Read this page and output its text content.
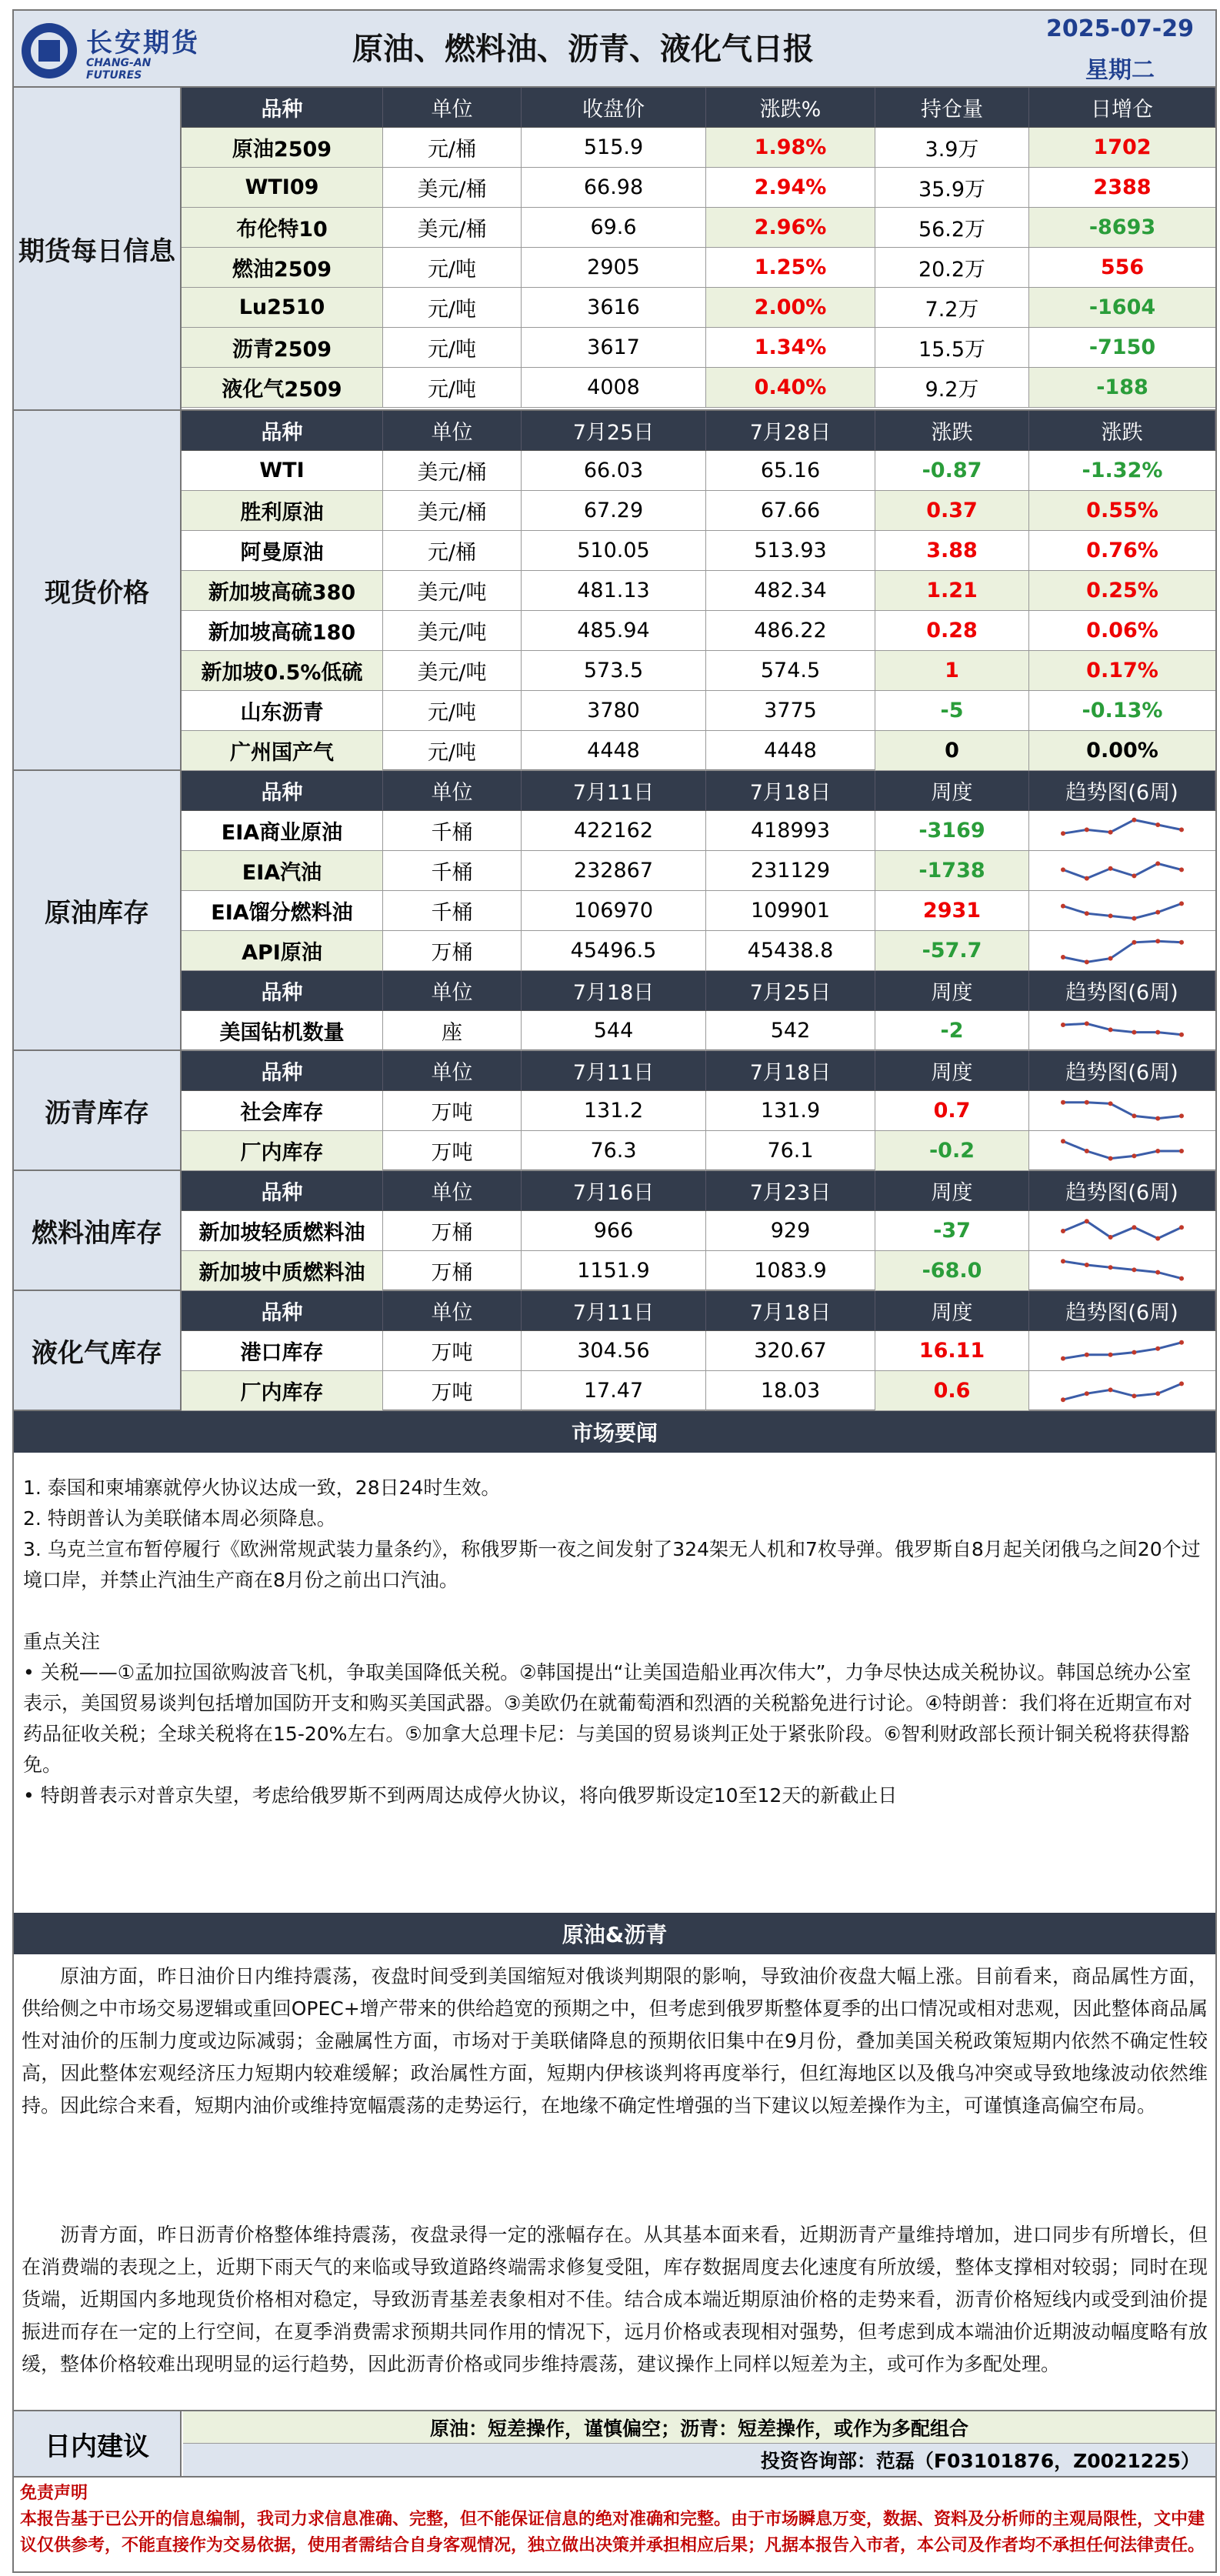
长安期货
CHANG-AN FUTURES
原油、燃料油、沥青、液化气日报
2025-07-29
星期二
期货每日信息
品种	单位	收盘价	涨跌%	持仓量	日增仓
原油2509	元/桶	515.9	1.98%	3.9万	1702
WTI09	美元/桶	66.98	2.94%	35.9万	2388
布伦特10	美元/桶	69.6	2.96%	56.2万	-8693
燃油2509	元/吨	2905	1.25%	20.2万	556
Lu2510	元/吨	3616	2.00%	7.2万	-1604
沥青2509	元/吨	3617	1.34%	15.5万	-7150
液化气2509	元/吨	4008	0.40%	9.2万	-188
现货价格
品种	单位	7月25日	7月28日	涨跌	涨跌
WTI	美元/桶	66.03	65.16	-0.87	-1.32%
胜利原油	美元/桶	67.29	67.66	0.37	0.55%
阿曼原油	元/桶	510.05	513.93	3.88	0.76%
新加坡高硫380	美元/吨	481.13	482.34	1.21	0.25%
新加坡高硫180	美元/吨	485.94	486.22	0.28	0.06%
新加坡0.5%低硫	美元/吨	573.5	574.5	1	0.17%
山东沥青	元/吨	3780	3775	-5	-0.13%
广州国产气	元/吨	4448	4448	0	0.00%
原油库存
品种	单位	7月11日	7月18日	周度	趋势图(6周)
EIA商业原油	千桶	422162	418993	-3169
EIA汽油	千桶	232867	231129	-1738
EIA馏分燃料油	千桶	106970	109901	2931
API原油	万桶	45496.5	45438.8	-57.7
品种	单位	7月18日	7月25日	周度	趋势图(6周)
美国钻机数量	座	544	542	-2
沥青库存
品种	单位	7月11日	7月18日	周度	趋势图(6周)
社会库存	万吨	131.2	131.9	0.7
厂内库存	万吨	76.3	76.1	-0.2
燃料油库存
品种	单位	7月16日	7月23日	周度	趋势图(6周)
新加坡轻质燃料油	万桶	966	929	-37
新加坡中质燃料油	万桶	1151.9	1083.9	-68.0
液化气库存
品种	单位	7月11日	7月18日	周度	趋势图(6周)
港口库存	万吨	304.56	320.67	16.11
厂内库存	万吨	17.47	18.03	0.6
市场要闻
1. 泰国和柬埔寨就停火协议达成一致，28日24时生效。
2. 特朗普认为美联储本周必须降息。
3. 乌克兰宣布暂停履行《欧洲常规武装力量条约》，称俄罗斯一夜之间发射了324架无人机和7枚导弹。俄罗斯自8月起关闭俄乌之间20个过境口岸，并禁止汽油生产商在8月份之前出口汽油。
重点关注
• 关税——①孟加拉国欲购波音飞机，争取美国降低关税。②韩国提出“让美国造船业再次伟大”，力争尽快达成关税协议。韩国总统办公室表示，美国贸易谈判包括增加国防开支和购买美国武器。③美欧仍在就葡萄酒和烈酒的关税豁免进行讨论。④特朗普：我们将在近期宣布对药品征收关税；全球关税将在15-20%左右。⑤加拿大总理卡尼：与美国的贸易谈判正处于紧张阶段。⑥智利财政部长预计铜关税将获得豁免。
• 特朗普表示对普京失望，考虑给俄罗斯不到两周达成停火协议，将向俄罗斯设定10至12天的新截止日
原油&沥青
原油方面，昨日油价日内维持震荡，夜盘时间受到美国缩短对俄谈判期限的影响，导致油价夜盘大幅上涨。目前看来，商品属性方面，供给侧之中市场交易逻辑或重回OPEC+增产带来的供给趋宽的预期之中，但考虑到俄罗斯整体夏季的出口情况或相对悲观，因此整体商品属性对油价的压制力度或边际减弱；金融属性方面，市场对于美联储降息的预期依旧集中在9月份，叠加美国关税政策短期内依然不确定性较高，因此整体宏观经济压力短期内较难缓解；政治属性方面，短期内伊核谈判将再度举行，但红海地区以及俄乌冲突或导致地缘波动依然维持。因此综合来看，短期内油价或维持宽幅震荡的走势运行，在地缘不确定性增强的当下建议以短差操作为主，可谨慎逢高偏空布局。
沥青方面，昨日沥青价格整体维持震荡，夜盘录得一定的涨幅存在。从其基本面来看，近期沥青产量维持增加，进口同步有所增长，但在消费端的表现之上，近期下雨天气的来临或导致道路终端需求修复受阻，库存数据周度去化速度有所放缓，整体支撑相对较弱；同时在现货端，近期国内多地现货价格相对稳定，导致沥青基差表象相对不佳。结合成本端近期原油价格的走势来看，沥青价格短线内或受到油价提振进而存在一定的上行空间，在夏季消费需求预期共同作用的情况下，远月价格或表现相对强势，但考虑到成本端油价近期波动幅度略有放缓，整体价格较难出现明显的运行趋势，因此沥青价格或同步维持震荡，建议操作上同样以短差为主，或可作为多配处理。
日内建议
原油：短差操作，谨慎偏空；沥青：短差操作，或作为多配组合
投资咨询部：范磊（F03101876，Z0021225）
免责声明
本报告基于已公开的信息编制，我司力求信息准确、完整，但不能保证信息的绝对准确和完整。由于市场瞬息万变，数据、资料及分析师的主观局限性，文中建议仅供参考，不能直接作为交易依据，使用者需结合自身客观情况，独立做出决策并承担相应后果；凡据本报告入市者，本公司及作者均不承担任何法律责任。
